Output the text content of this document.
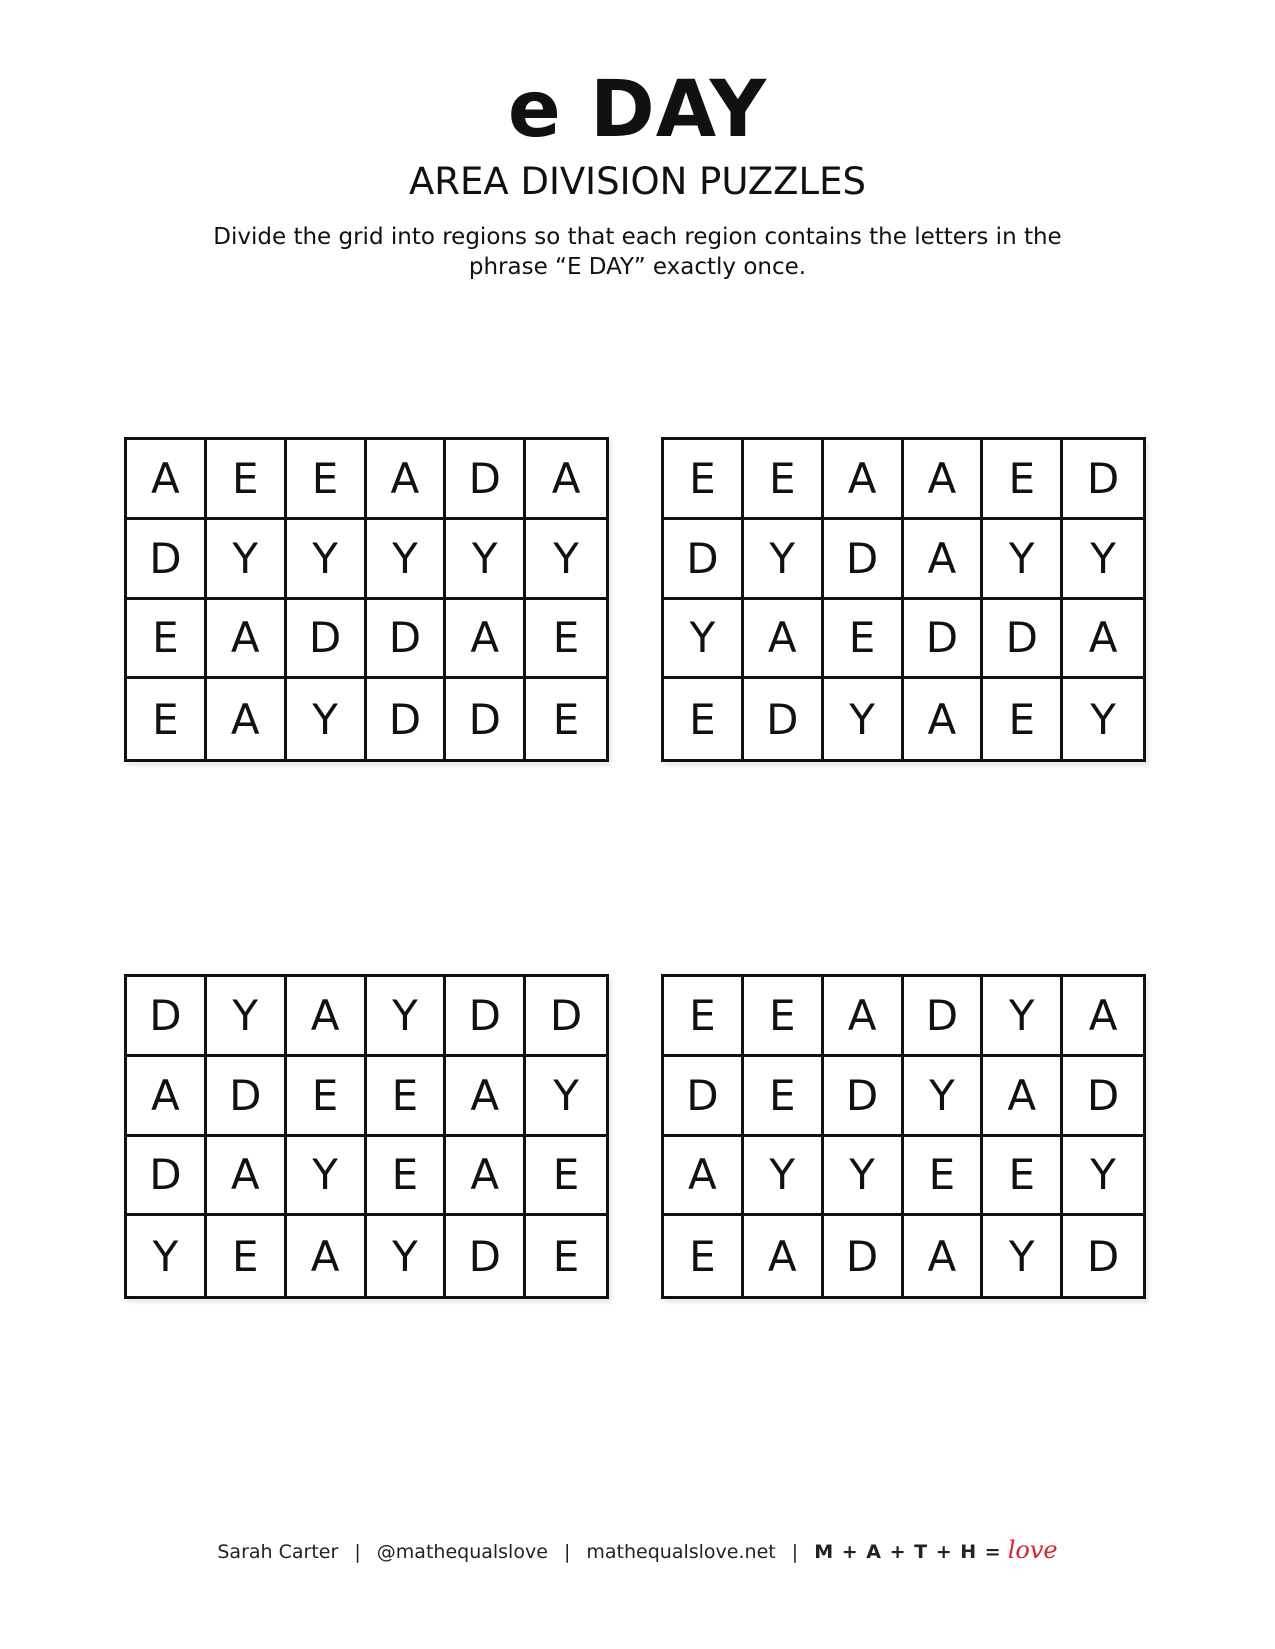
e DAY
AREA DIVISION PUZZLES
Divide the grid into regions so that each region contains the letters in the phrase “E DAY” exactly once.
A	E	E	A	D	A
D	Y	Y	Y	Y	Y
E	A	D	D	A	E
E	A	Y	D	D	E
E	E	A	A	E	D
D	Y	D	A	Y	Y
Y	A	E	D	D	A
E	D	Y	A	E	Y
D	Y	A	Y	D	D
A	D	E	E	A	Y
D	A	Y	E	A	E
Y	E	A	Y	D	E
E	E	A	D	Y	A
D	E	D	Y	A	D
A	Y	Y	E	E	Y
E	A	D	A	Y	D
Sarah Carter | @mathequalslove | mathequalslove.net | M + A + T + H = love
